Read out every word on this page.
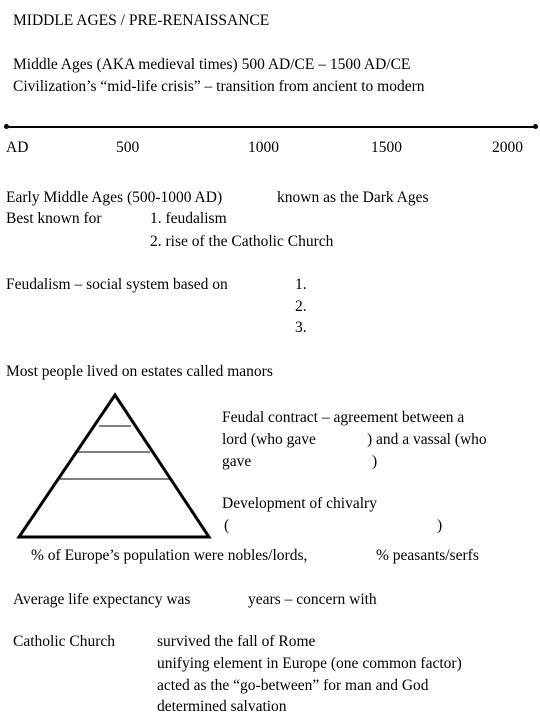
MIDDLE AGES / PRE-RENAISSANCE
Middle Ages (AKA medieval times) 500 AD/CE – 1500 AD/CE
Civilization’s “mid-life crisis” – transition from ancient to modern
AD	500	1000	1500	2000
Early Middle Ages (500-1000 AD)	known as the Dark Ages
Best known for	1. feudalism
2. rise of the Catholic Church
Feudalism – social system based on	1.
2.
3.
Most people lived on estates called manors
Feudal contract – agreement between a
lord (who gave	) and a vassal (who
gave	)
Development of chivalry
(	)
% of Europe’s population were nobles/lords,	% peasants/serfs
Average life expectancy was	years – concern with
Catholic Church	survived the fall of Rome
unifying element in Europe (one common factor)
acted as the “go-between” for man and God
determined salvation
